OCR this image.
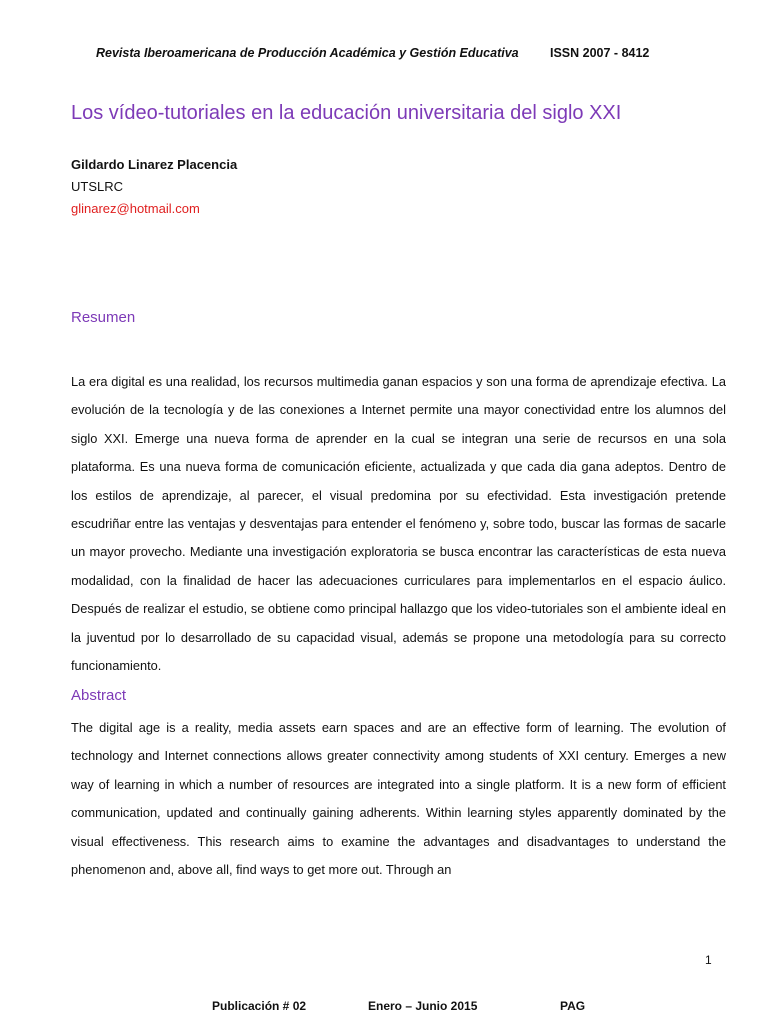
Revista Iberoamericana de Producción Académica y Gestión Educativa	ISSN 2007 - 8412
Los vídeo-tutoriales en la educación universitaria del siglo XXI
Gildardo Linarez Placencia
UTSLRC
glinarez@hotmail.com
Resumen

La era digital es una realidad, los recursos multimedia ganan espacios y son una forma de aprendizaje efectiva. La evolución de la tecnología y de las conexiones a Internet permite una mayor conectividad entre los alumnos del siglo XXI. Emerge una nueva forma de aprender en la cual se integran una serie de recursos en una sola plataforma. Es una nueva forma de comunicación eficiente, actualizada y que cada dia gana adeptos. Dentro de los estilos de aprendizaje, al parecer, el visual predomina por su efectividad. Esta investigación pretende escudriñar entre las ventajas y desventajas para entender el fenómeno y, sobre todo, buscar las formas de sacarle un mayor provecho. Mediante una investigación exploratoria se busca encontrar las características de esta nueva modalidad, con la finalidad de hacer las adecuaciones curriculares para implementarlos en el espacio áulico. Después de realizar el estudio, se obtiene como principal hallazgo que los video-tutoriales son el ambiente ideal en la juventud por lo desarrollado de su capacidad visual, además se propone una metodología para su correcto funcionamiento.

Abstract

The digital age is a reality, media assets earn spaces and are an effective form of learning. The evolution of technology and Internet connections allows greater connectivity among students of XXI century. Emerges a new way of learning in which a number of resources are integrated into a single platform. It is a new form of efficient communication, updated and continually gaining adherents. Within learning styles apparently dominated by the visual effectiveness. This research aims to examine the advantages and disadvantages to understand the phenomenon and, above all, find ways to get more out. Through an

1
Publicación # 02	Enero – Junio 2015	PAG
